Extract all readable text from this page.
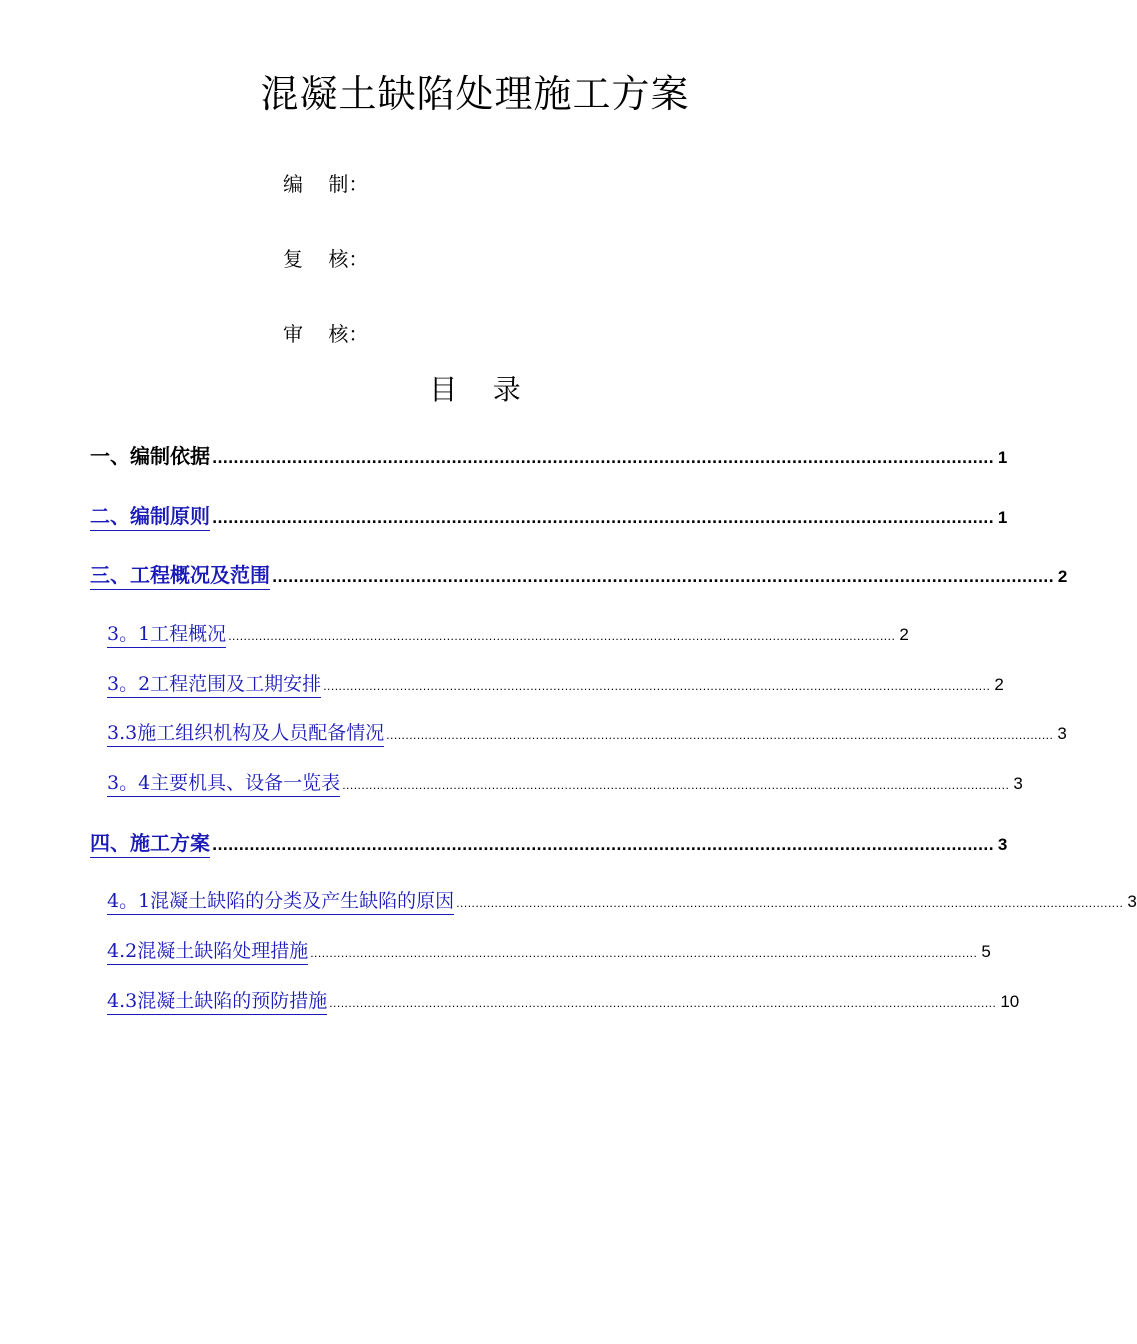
混凝土缺陷处理施工方案
编    制：
复    核：
审    核：
目    录
一、编制依据 ................................................................................................................................................... 1
二、编制原则 ................................................................................................................................................... 1
三、工程概况及范围 ................................................................................................................................................... 2
3。1工程概况 .............................................................................................................................................................................. 2
3。2工程范围及工期安排 .............................................................................................................................................................................. 2
3.3施工组织机构及人员配备情况 .............................................................................................................................................................................. 3
3。4主要机具、设备一览表 .............................................................................................................................................................................. 3
四、施工方案 ................................................................................................................................................... 3
4。1混凝土缺陷的分类及产生缺陷的原因 .............................................................................................................................................................................. 3
4.2混凝土缺陷处理措施 .............................................................................................................................................................................. 5
4.3混凝土缺陷的预防措施 .............................................................................................................................................................................. 10
